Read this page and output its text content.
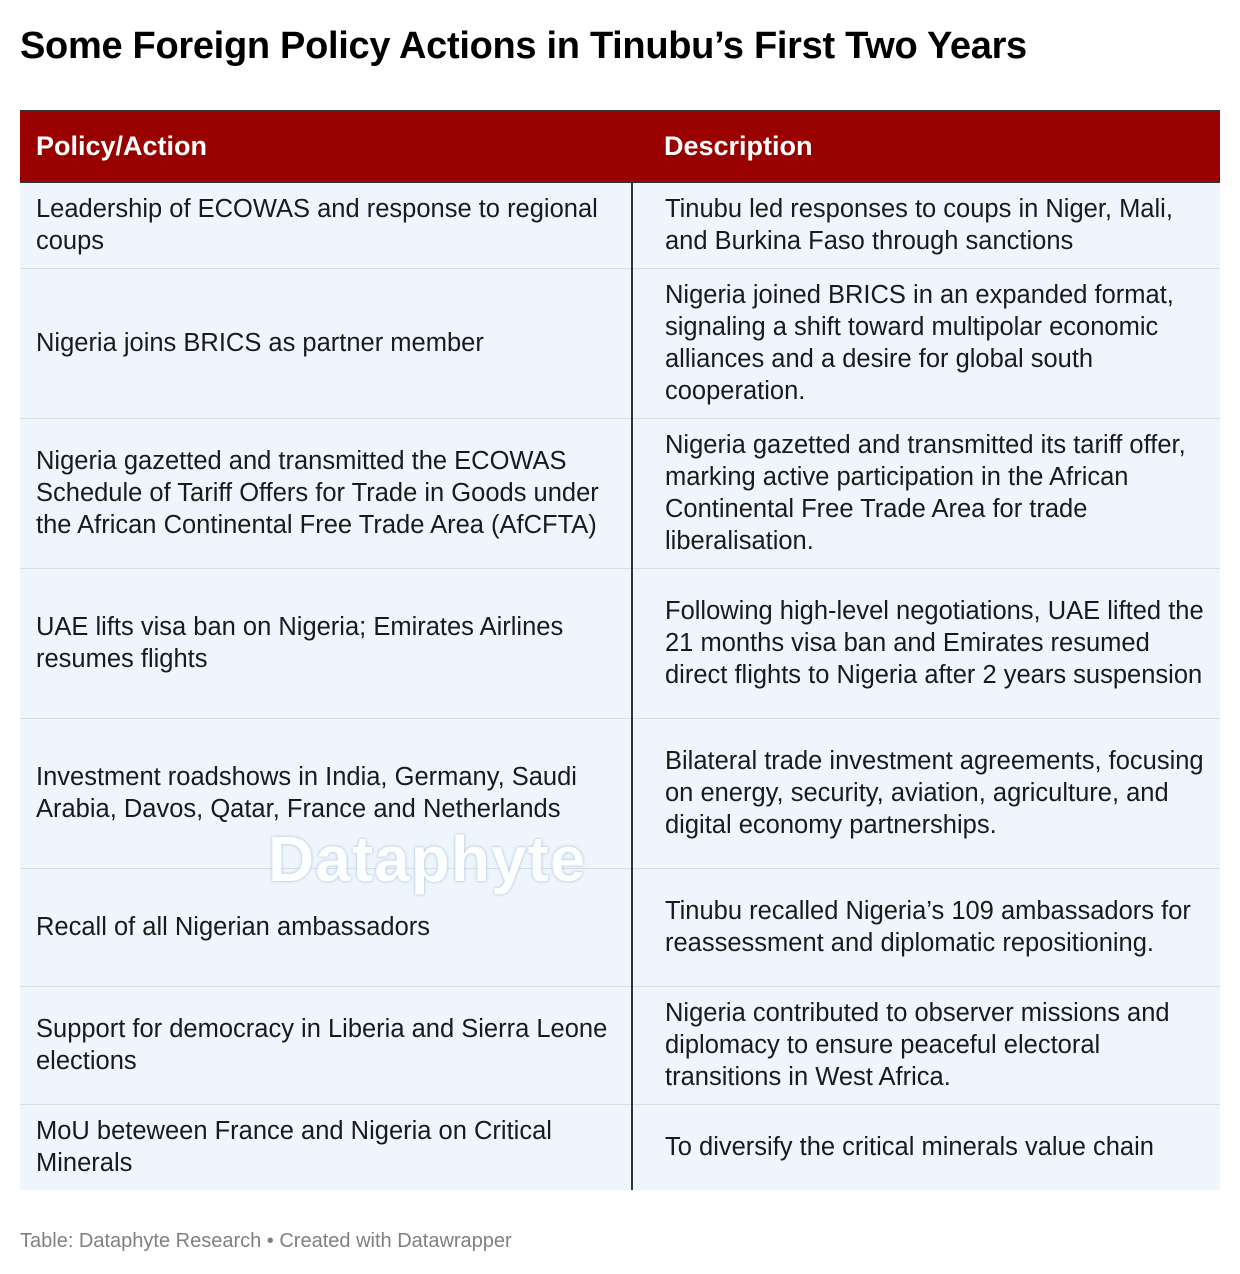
Some Foreign Policy Actions in Tinubu’s First Two Years
Policy/Action	Description
Leadership of ECOWAS and response to regional coups	Tinubu led responses to coups in Niger, Mali, and Burkina Faso through sanctions
Nigeria joins BRICS as partner member	Nigeria joined BRICS in an expanded format, signaling a shift toward multipolar economic alliances and a desire for global south cooperation.
Nigeria gazetted and transmitted the ECOWAS Schedule of Tariff Offers for Trade in Goods under the African Continental Free Trade Area (AfCFTA)	Nigeria gazetted and transmitted its tariff offer, marking active participation in the African Continental Free Trade Area for trade liberalisation.
UAE lifts visa ban on Nigeria; Emirates Airlines resumes flights	Following high-level negotiations, UAE lifted the 21 months visa ban and Emirates resumed direct flights to Nigeria after 2 years suspension
Investment roadshows in India, Germany, Saudi Arabia, Davos, Qatar, France and Netherlands	Bilateral trade investment agreements, focusing on energy, security, aviation, agriculture, and digital economy partnerships.
Recall of all Nigerian ambassadors	Tinubu recalled Nigeria’s 109 ambassadors for reassessment and diplomatic repositioning.
Support for democracy in Liberia and Sierra Leone elections	Nigeria contributed to observer missions and diplomacy to ensure peaceful electoral transitions in West Africa.
MoU beteween France and Nigeria on Critical Minerals	To diversify the critical minerals value chain
Dataphyte
Table: Dataphyte Research • Created with Datawrapper
